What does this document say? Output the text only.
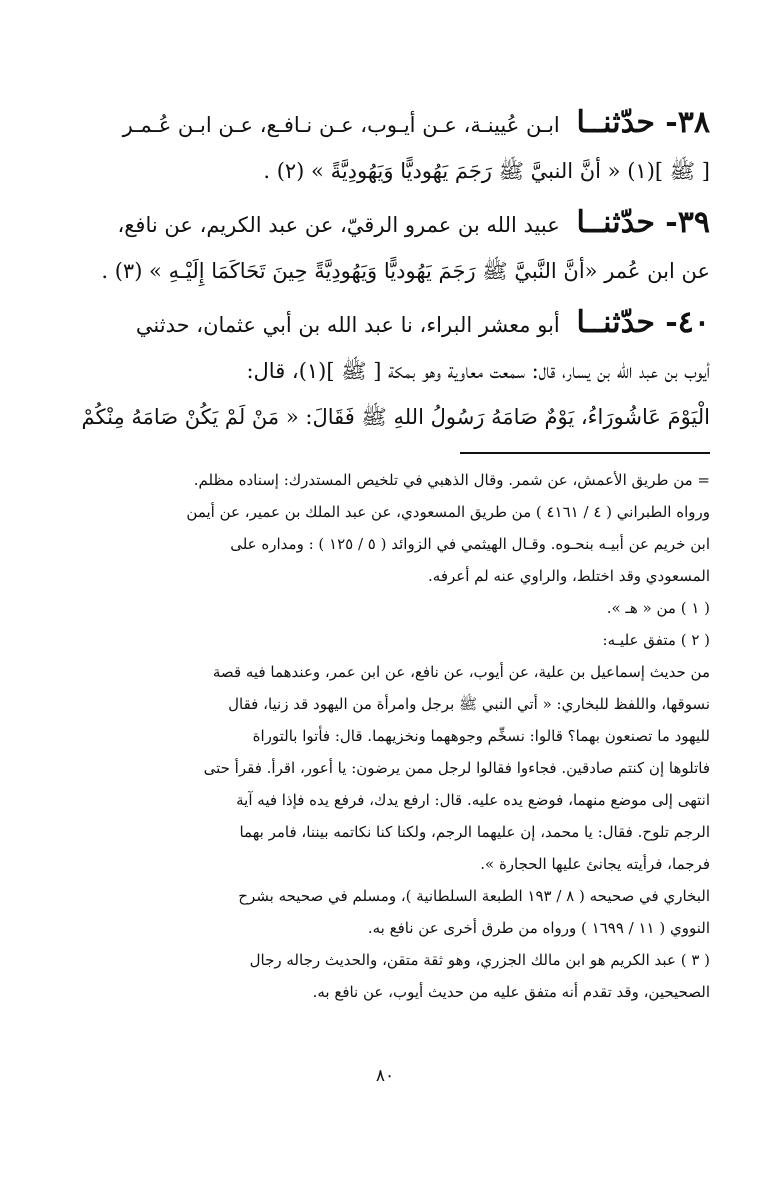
٣٨- حدّثنــا ابـن عُيينـة، عـن أيـوب، عـن نـافـع، عـن ابـن عُـمـر
[ ﷺ ](١) « أنَّ النبيَّ ﷺ رَجَمَ يَهُوديًّا وَيَهُودِيَّةً » (٢) .
٣٩- حدّثنــا عبيد الله بن عمرو الرقيّ، عن عبد الكريم، عن نافع،
عن ابن عُمر «أنَّ النَّبيَّ ﷺ رَجَمَ يَهُوديًّا وَيَهُودِيَّةً حِينَ تَحَاكَمَا إِلَيْـهِ » (٣) .
٤٠- حدّثنــا أبو معشر البراء، نا عبد الله بن أبي عثمان، حدثني
أيوب بن عبد الله بن يسار، قال: سمعت معاوية وهو بمكة [ ﷺ ](١)، قال:
الْيَوْمَ عَاشُورَاءُ، يَوْمٌ صَامَهُ رَسُولُ اللهِ ﷺ فَقَالَ: « مَنْ لَمْ يَكُنْ صَامَهُ مِنْكُمْ
= من طريق الأعمش، عن شمر. وقال الذهبي في تلخيص المستدرك: إسناده مظلم.
ورواه الطبراني ( ٤ / ٤١٦١ ) من طريق المسعودي، عن عبد الملك بن عمير، عن أيمن
ابن خريم عن أبيـه بنحـوه. وقـال الهيثمي في الزوائد ( ٥ / ١٢٥ ) : ومداره على
المسعودي وقد اختلط، والراوي عنه لم أعرفه.
( ١ ) من « هـ ».
( ٢ ) متفق عليـه:
من حديث إسماعيل بن علية، عن أيوب، عن نافع، عن ابن عمر، وعندهما فيه قصة
نسوقها، واللفظ للبخاري: « أتي النبي ﷺ برجل وامرأة من اليهود قد زنيا، فقال
لليهود ما تصنعون بهما؟ قالوا: نسخِّم وجوههما ونخزيهما. قال: فأتوا بالتوراة
فاتلوها إن كنتم صادقين. فجاءوا فقالوا لرجل ممن يرضون: يا أعور، اقرأ. فقرأ حتى
انتهى إلى موضع منهما، فوضع يده عليه. قال: ارفع يدك، فرفع يده فإذا فيه آية
الرجم تلوح. فقال: يا محمد، إن عليهما الرجم، ولكنا كنا نكاتمه بيننا، فامر بهما
فرجما، فرأيته يجانئ عليها الحجارة ».
البخاري في صحيحه ( ٨ / ١٩٣ الطبعة السلطانية )، ومسلم في صحيحه بشرح
النووي ( ١١ / ١٦٩٩ ) ورواه من طرق أخرى عن نافع به.
( ٣ ) عبد الكريم هو ابن مالك الجزري، وهو ثقة متقن، والحديث رجاله رجال
الصحيحين، وقد تقدم أنه متفق عليه من حديث أيوب، عن نافع به.
٨٠
